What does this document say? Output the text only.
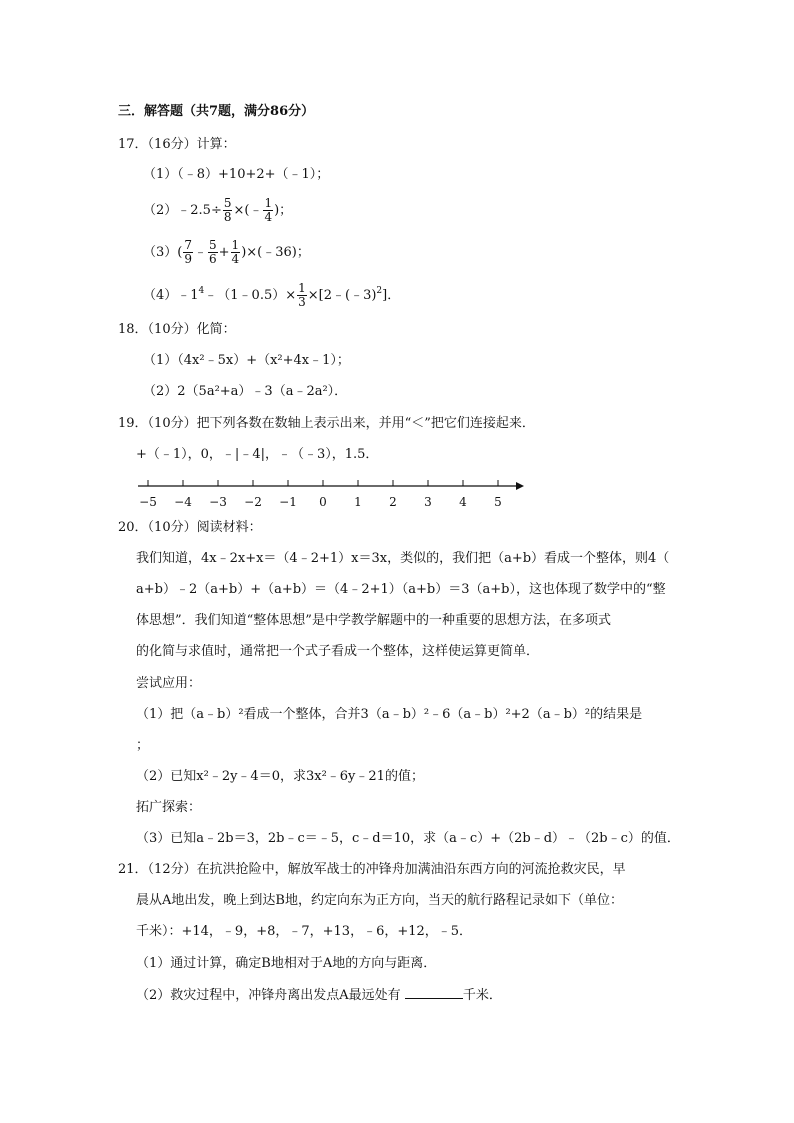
三．解答题（共7题，满分86分）
17．（16分）计算：
（1）（﹣8）+10+2+（﹣1）；
（2）﹣2.5÷ $\frac{5}{8}$ ×(﹣ $\frac{1}{4}$ )；
$(3)( \frac{7}{9}$ ﹣ $\frac{5}{6} + \frac{1}{4}$ )×(﹣36)；
$(4)﹣1^4﹣(1﹣0.5)\times \frac{1}{3}$ ×[2﹣(﹣3)$^2$]．
18．（10分）化简：
（1）（4x²﹣5x）+（x²+4x﹣1）；
（2）2（5a²+a）﹣3（a﹣2a²）．
19．（10分）把下列各数在数轴上表示出来，并用“＜”把它们连接起来．
+（﹣1），0，﹣|﹣4|，﹣（﹣3），1.5．
−5 −4 −3 −2 −1 0 1 2 3 4 5
20．（10分）阅读材料：
我们知道，4x﹣2x+x＝（4﹣2+1）x＝3x，类似的，我们把（a+b）看成一个整体，则4（
a+b）﹣2（a+b）+（a+b）＝（4﹣2+1）（a+b）＝3（a+b），这也体现了数学中的“整
体思想”．我们知道“整体思想”是中学教学解题中的一种重要的思想方法，在多项式
的化简与求值时，通常把一个式子看成一个整体，这样使运算更简单．
尝试应用：
（1）把（a﹣b）²看成一个整体，合并3（a﹣b）²﹣6（a﹣b）²+2（a﹣b）²的结果是
；
（2）已知x²﹣2y﹣4＝0，求3x²﹣6y﹣21的值；
拓广探索：
（3）已知a﹣2b＝3，2b﹣c＝﹣5，c﹣d＝10，求（a﹣c）+（2b﹣d）﹣（2b﹣c）的值．
21．（12分）在抗洪抢险中，解放军战士的冲锋舟加满油沿东西方向的河流抢救灾民，早
晨从A地出发，晚上到达B地，约定向东为正方向，当天的航行路程记录如下（单位：
千米）：+14，﹣9，+8，﹣7，+13，﹣6，+12，﹣5．
（1）通过计算，确定B地相对于A地的方向与距离．
（2）救灾过程中，冲锋舟离出发点A最远处有	千米．
